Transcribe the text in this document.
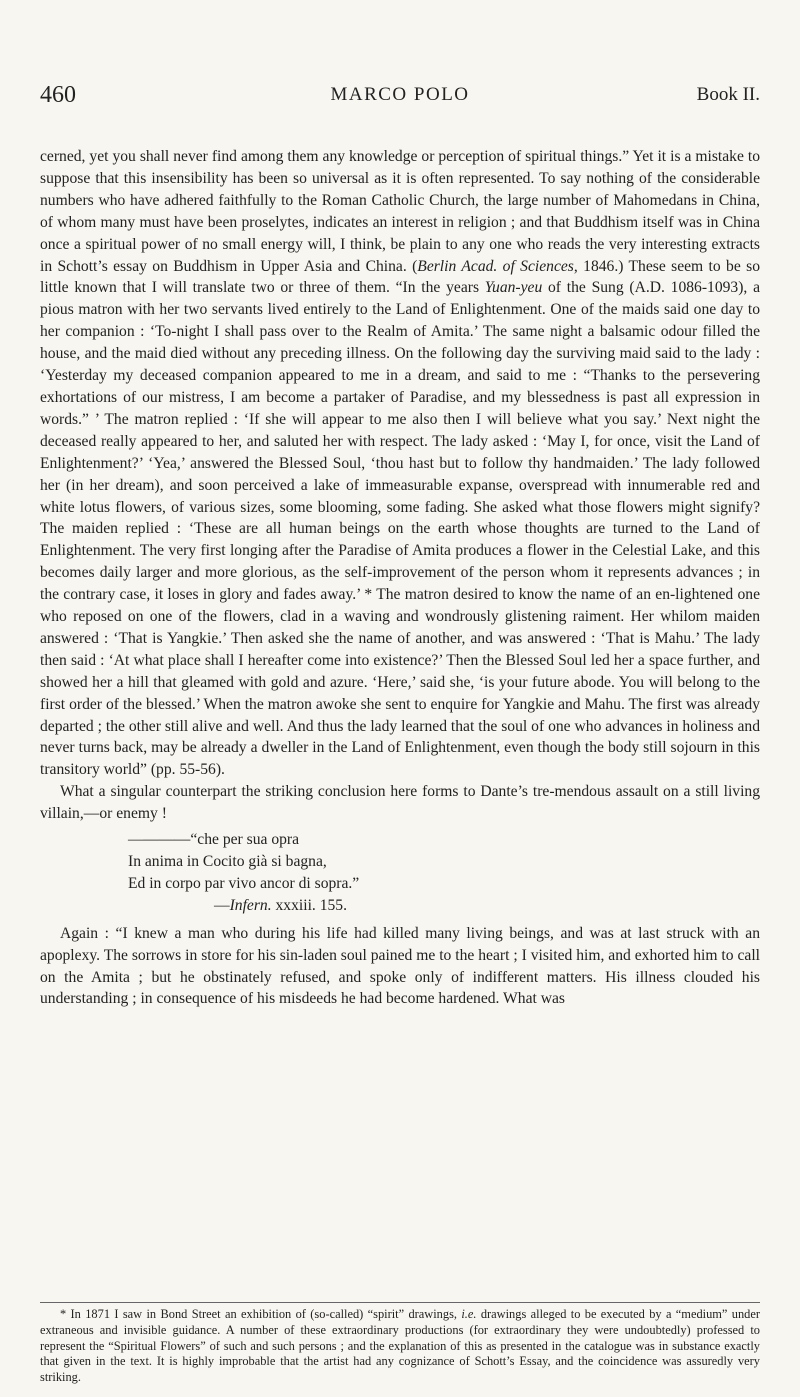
460	MARCO POLO	Book II.

cerned, yet you shall never find among them any knowledge or perception of spiritual things.” Yet it is a mistake to suppose that this insensibility has been so universal as it is often represented. To say nothing of the considerable numbers who have adhered faithfully to the Roman Catholic Church, the large number of Mahomedans in China, of whom many must have been proselytes, indicates an interest in religion ; and that Buddhism itself was in China once a spiritual power of no small energy will, I think, be plain to any one who reads the very interesting extracts in Schott’s essay on Buddhism in Upper Asia and China. (Berlin Acad. of Sciences, 1846.) These seem to be so little known that I will translate two or three of them. “In the years Yuan-yeu of the Sung (A.D. 1086-1093), a pious matron with her two servants lived entirely to the Land of Enlightenment. One of the maids said one day to her companion : ‘To-night I shall pass over to the Realm of Amita.’ The same night a balsamic odour filled the house, and the maid died without any preceding illness. On the following day the surviving maid said to the lady : ‘Yesterday my deceased companion appeared to me in a dream, and said to me : “Thanks to the persevering exhortations of our mistress, I am become a partaker of Paradise, and my blessedness is past all expression in words.” ’ The matron replied : ‘If she will appear to me also then I will believe what you say.’ Next night the deceased really appeared to her, and saluted her with respect. The lady asked : ‘May I, for once, visit the Land of Enlightenment?’ ‘Yea,’ answered the Blessed Soul, ‘thou hast but to follow thy handmaiden.’ The lady followed her (in her dream), and soon perceived a lake of immeasurable expanse, overspread with innumerable red and white lotus flowers, of various sizes, some blooming, some fading. She asked what those flowers might signify? The maiden replied : ‘These are all human beings on the earth whose thoughts are turned to the Land of Enlightenment. The very first longing after the Paradise of Amita produces a flower in the Celestial Lake, and this becomes daily larger and more glorious, as the self-improvement of the person whom it represents advances ; in the contrary case, it loses in glory and fades away.’ * The matron desired to know the name of an en-lightened one who reposed on one of the flowers, clad in a waving and wondrously glistening raiment. Her whilom maiden answered : ‘That is Yangkie.’ Then asked she the name of another, and was answered : ‘That is Mahu.’ The lady then said : ‘At what place shall I hereafter come into existence?’ Then the Blessed Soul led her a space further, and showed her a hill that gleamed with gold and azure. ‘Here,’ said she, ‘is your future abode. You will belong to the first order of the blessed.’ When the matron awoke she sent to enquire for Yangkie and Mahu. The first was already departed ; the other still alive and well. And thus the lady learned that the soul of one who advances in holiness and never turns back, may be already a dweller in the Land of Enlightenment, even though the body still sojourn in this transitory world” (pp. 55-56).

What a singular counterpart the striking conclusion here forms to Dante’s tre-mendous assault on a still living villain,—or enemy !

————“che per sua opra
In anima in Cocito già si bagna,
Ed in corpo par vivo ancor di sopra.”
—Infern. xxxiii. 155.

Again : “I knew a man who during his life had killed many living beings, and was at last struck with an apoplexy. The sorrows in store for his sin-laden soul pained me to the heart ; I visited him, and exhorted him to call on the Amita ; but he obstinately refused, and spoke only of indifferent matters. His illness clouded his understanding ; in consequence of his misdeeds he had become hardened. What was

* In 1871 I saw in Bond Street an exhibition of (so-called) “spirit” drawings, i.e. drawings alleged to be executed by a “medium” under extraneous and invisible guidance. A number of these extraordinary productions (for extraordinary they were undoubtedly) professed to represent the “Spiritual Flowers” of such and such persons ; and the explanation of this as presented in the catalogue was in substance exactly that given in the text. It is highly improbable that the artist had any cognizance of Schott’s Essay, and the coincidence was assuredly very striking.
